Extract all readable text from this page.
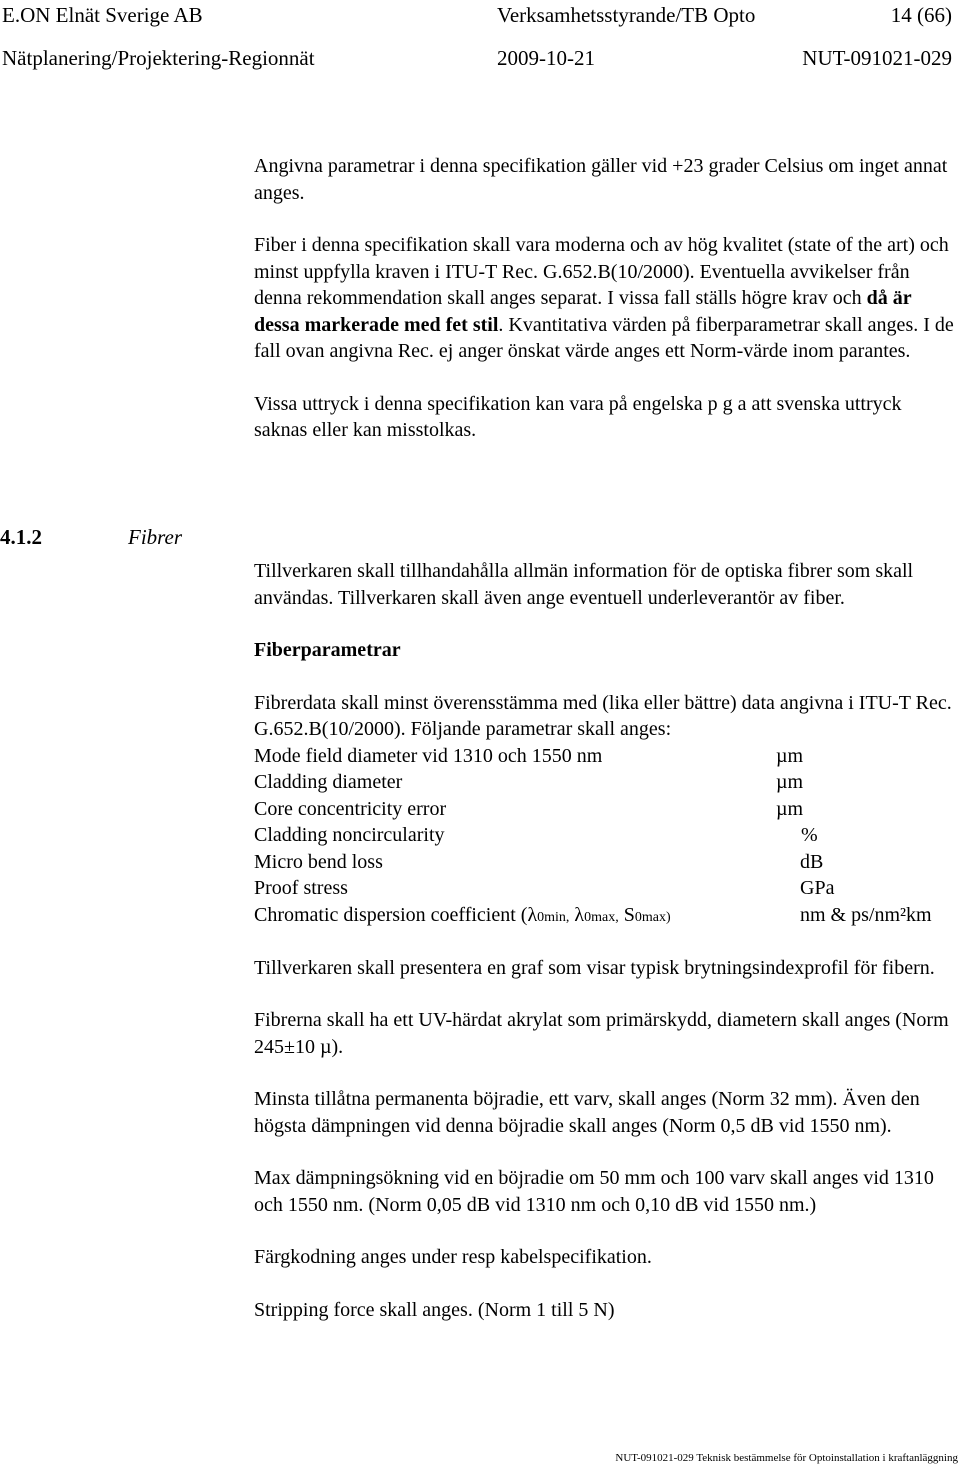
E.ON Elnät Sverige AB	Verksamhetsstyrande/TB Opto	14 (66)
Nätplanering/Projektering-Regionnät	2009-10-21	NUT-091021-029

Angivna parametrar i denna specifikation gäller vid +23 grader Celsius om inget annat anges.

Fiber i denna specifikation skall vara moderna och av hög kvalitet (state of the art) och minst uppfylla kraven i ITU-T Rec. G.652.B(10/2000). Eventuella avvikelser från denna rekommendation skall anges separat. I vissa fall ställs högre krav och då är dessa markerade med fet stil. Kvantitativa värden på fiberparametrar skall anges. I de fall ovan angivna Rec. ej anger önskat värde anges ett Norm-värde inom parantes.

Vissa uttryck i denna specifikation kan vara på engelska p g a att svenska uttryck saknas eller kan misstolkas.

4.1.2	Fibrer

Tillverkaren skall tillhandahålla allmän information för de optiska fibrer som skall användas. Tillverkaren skall även ange eventuell underleverantör av fiber.

Fiberparametrar

Fibrerdata skall minst överensstämma med (lika eller bättre) data angivna i ITU-T Rec. G.652.B(10/2000). Följande parametrar skall anges:

Mode field diameter vid 1310 och 1550 nm	µm
Cladding diameter	µm
Core concentricity error	µm
Cladding noncircularity	%
Micro bend loss	dB
Proof stress	GPa
Chromatic dispersion coefficient (λ0min, λ0max, S0max)	nm & ps/nm²km

Tillverkaren skall presentera en graf som visar typisk brytningsindexprofil för fibern.

Fibrerna skall ha ett UV-härdat akrylat som primärskydd, diametern skall anges (Norm 245±10 µ).

Minsta tillåtna permanenta böjradie, ett varv, skall anges (Norm 32 mm). Även den högsta dämpningen vid denna böjradie skall anges (Norm 0,5 dB vid 1550 nm).

Max dämpningsökning vid en böjradie om 50 mm och 100 varv skall anges vid 1310 och 1550 nm. (Norm 0,05 dB vid 1310 nm och 0,10 dB vid 1550 nm.)

Färgkodning anges under resp kabelspecifikation.

Stripping force skall anges. (Norm 1 till 5 N)

NUT-091021-029 Teknisk bestämmelse för Optoinstallation i kraftanläggning
